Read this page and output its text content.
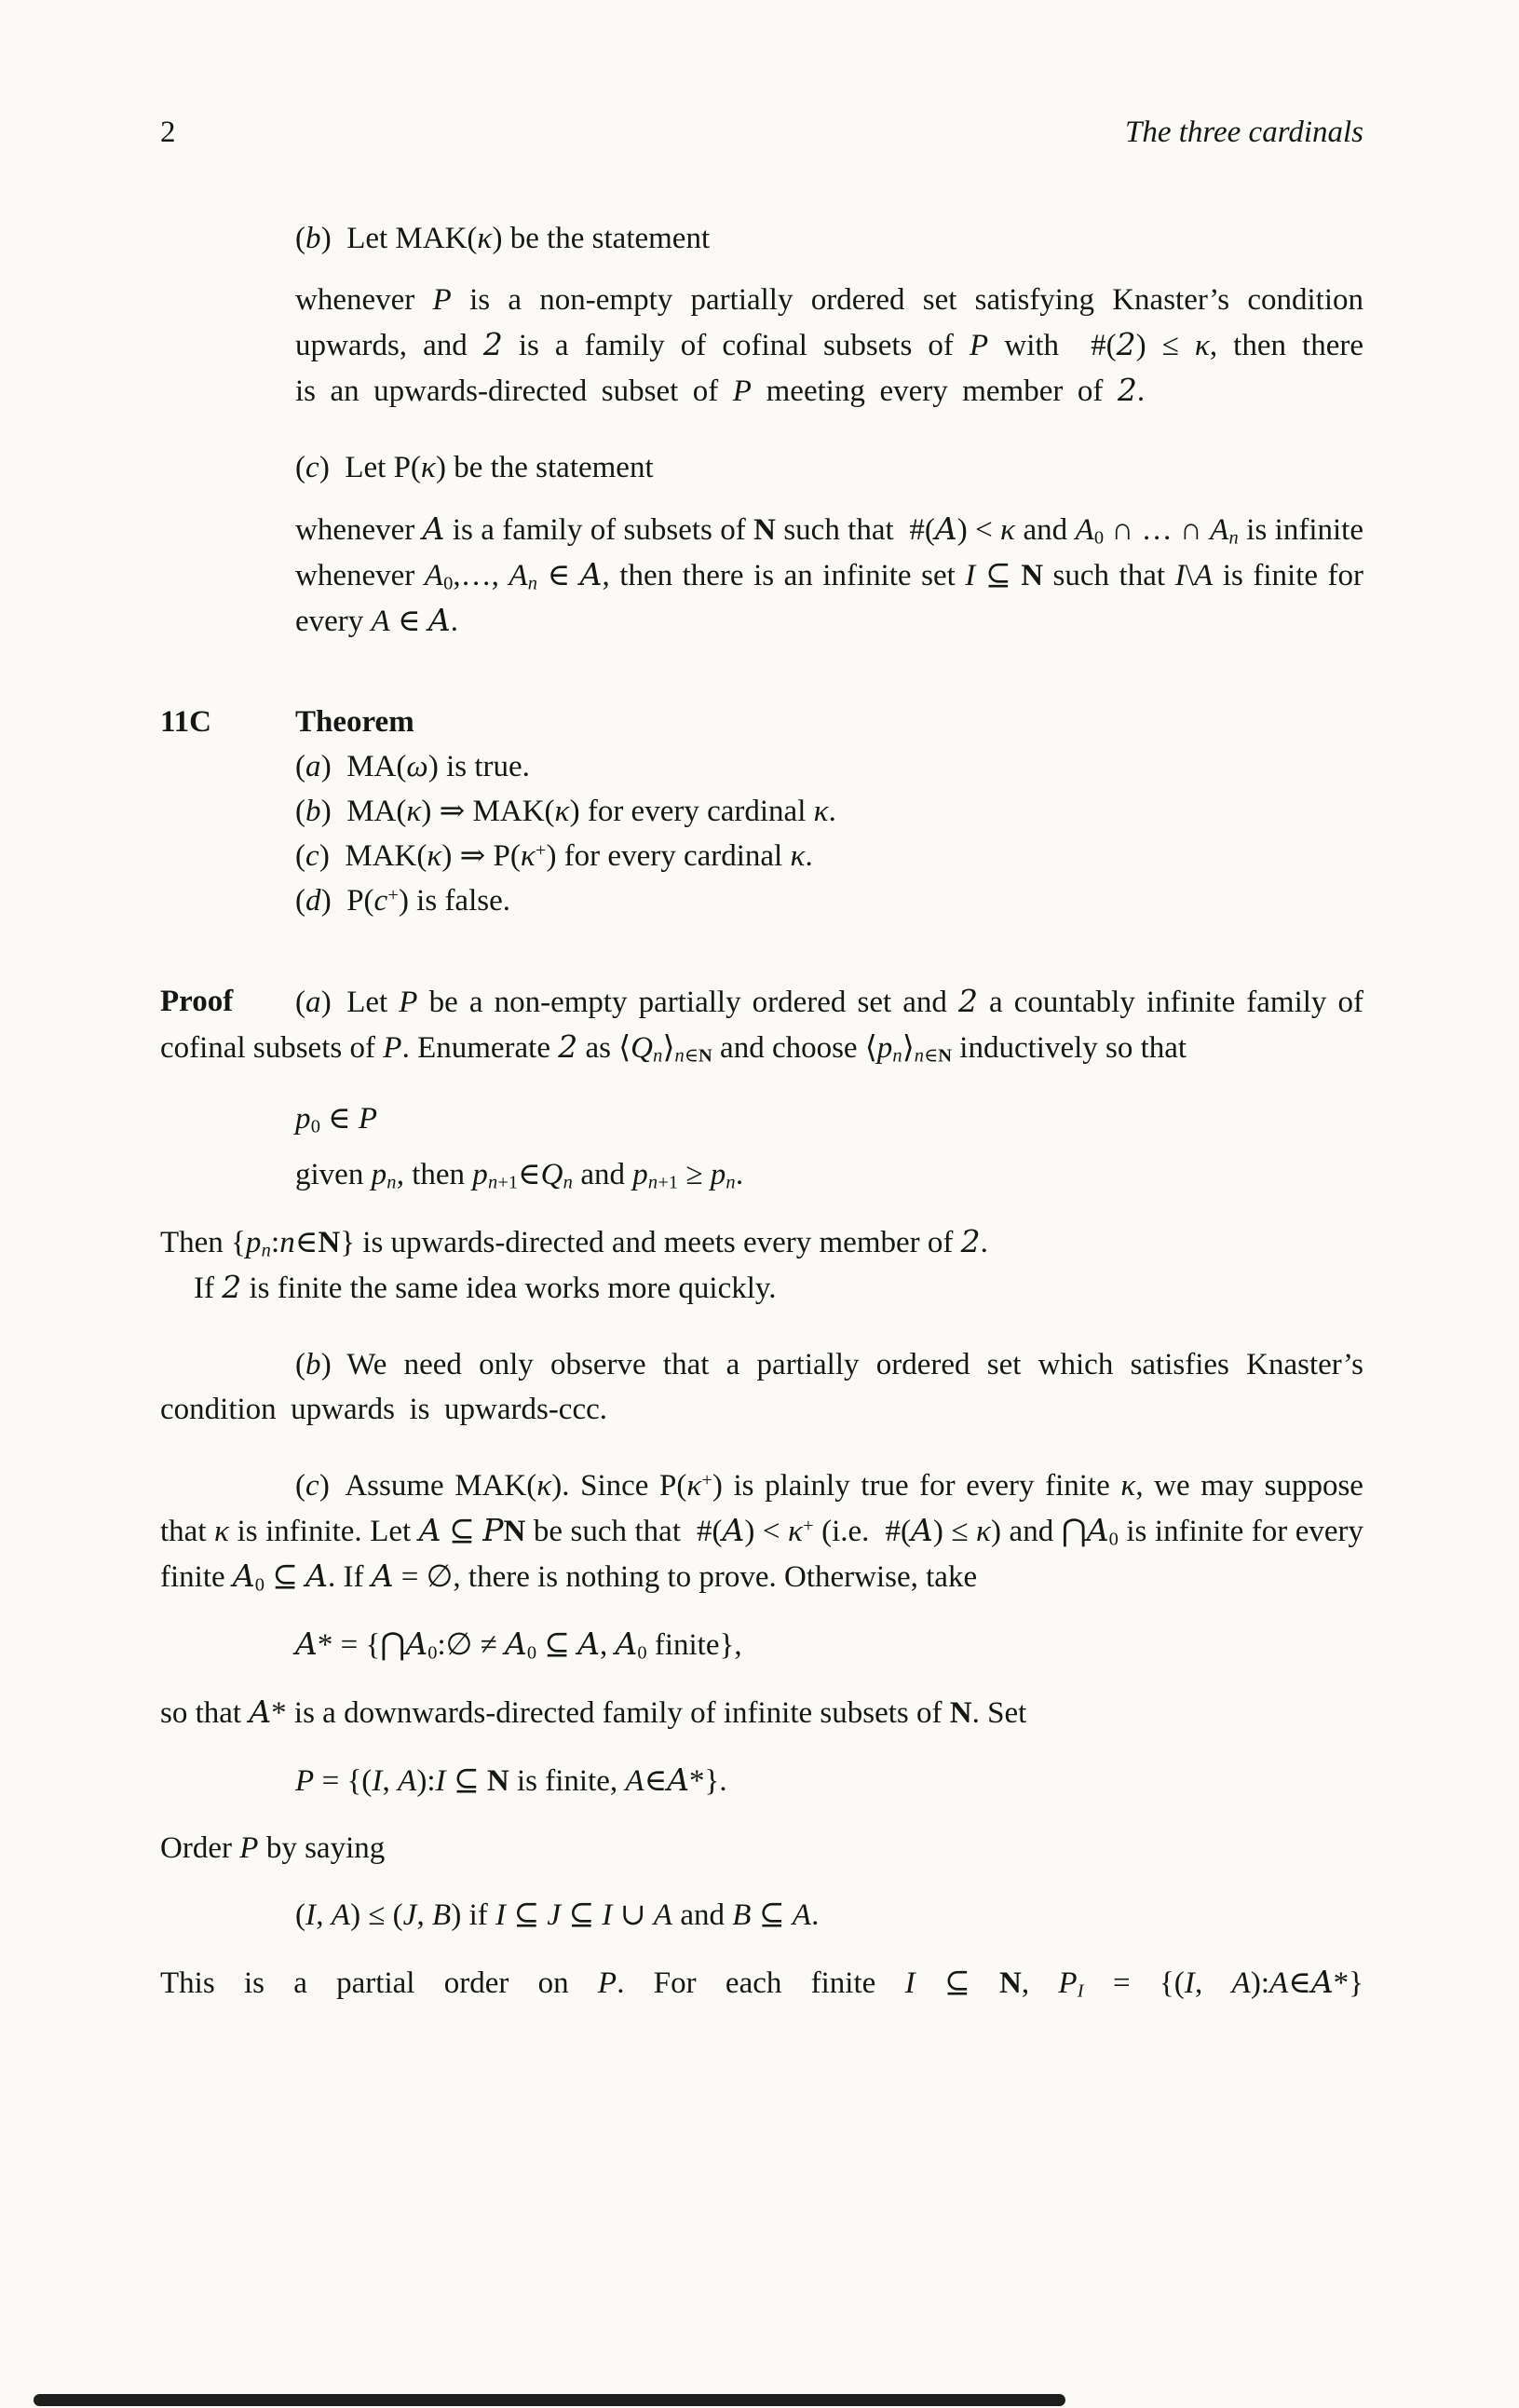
2	The three cardinals

(b) Let MAK(κ) be the statement

whenever P is a non-empty partially ordered set satisfying Knaster’s condition upwards, and 2 is a family of cofinal subsets of P with  #(2) ≤ κ, then there is an upwards-directed subset of P meeting every member of 2.

(c) Let P(κ) be the statement

whenever A is a family of subsets of N such that  #(A) < κ and $A_0$ ∩ … ∩ $A_n$ is infinite whenever $A_0,\dots$, $A_n$ ∈ A, then there is an infinite set I ⊆ N such that I\A is finite for every A ∈ A.

11C	Theorem

(a) MA(ω) is true.

(b) MA(κ) ⇒ MAK(κ) for every cardinal κ.

(c) MAK(κ) ⇒ P(κ+) for every cardinal κ.

(d) P(c+) is false.

Proof	(a) Let P be a non-empty partially ordered set and 2 a countably infinite family of cofinal subsets of P. Enumerate 2 as $⟨Q_n⟩_{n\in N}$ and choose $⟨p_n⟩_{n\in N}$ inductively so that

$p_0$ ∈ P

given $p_n$, then $p_{n+1}\in Q_n$ and $p_{n+1} \ge p_n$.

Then $\{p_n:n\in N\}$ is upwards-directed and meets every member of 2.

If 2 is finite the same idea works more quickly.

(b) We need only observe that a partially ordered set which satisfies Knaster’s condition upwards is upwards-ccc.

(c) Assume MAK(κ). Since P(κ+) is plainly true for every finite κ, we may suppose that κ is infinite. Let A ⊆ PN be such that  #(A) < κ+ (i.e.  #(A) ≤ κ) and $⋂A_0$ is infinite for every finite $A_0$ ⊆ A. If A = ∅, there is nothing to prove. Otherwise, take

$A* = \{⋂A_0:\emptyset \ne A_0$ ⊆ A, $A_0$ finite},

so that A* is a downwards-directed family of infinite subsets of N. Set

P = {(I, A):I ⊆ N is finite, A∈A*}.

Order P by saying

(I, A) ≤ (J, B) if I ⊆ J ⊆ I ∪ A and B ⊆ A.

This is a partial order on P. For each finite I ⊆ N, $P_I = \{(I$, A):A∈A*}
